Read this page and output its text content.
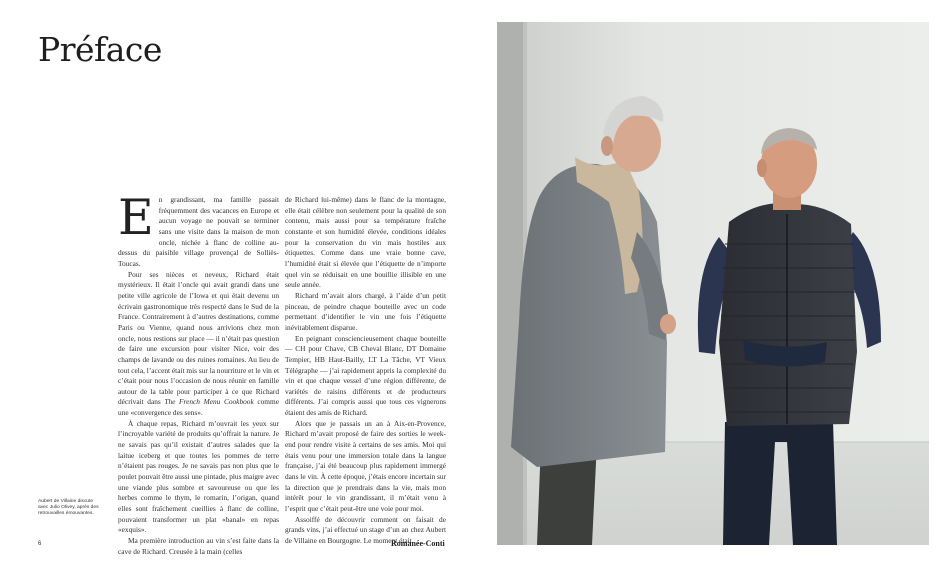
Préface

En grandissant, ma famille passait fréquemment des vacances en Europe et aucun voyage ne pouvait se terminer sans une visite dans la maison de mon oncle, nichée à flanc de colline au-dessus du paisible village provençal de Solliès-Toucas.

Pour ses nièces et neveux, Richard était mystérieux. Il était l’oncle qui avait grandi dans une petite ville agricole de l’Iowa et qui était devenu un écrivain gastronomique très respecté dans le Sud de la France. Contrairement à d’autres destinations, comme Paris ou Vienne, quand nous arrivions chez mon oncle, nous restions sur place — il n’était pas question de faire une excursion pour visiter Nice, voir des champs de lavande ou des ruines romaines. Au lieu de tout cela, l’accent était mis sur la nourriture et le vin et c’était pour nous l’occasion de nous réunir en famille autour de la table pour participer à ce que Richard décrivait dans The French Menu Cookbook comme une «convergence des sens».

À chaque repas, Richard m’ouvrait les yeux sur l’incroyable variété de produits qu’offrait la nature. Je ne savais pas qu’il existait d’autres salades que la laitue iceberg et que toutes les pommes de terre n’étaient pas rouges. Je ne savais pas non plus que le poulet pouvait être aussi une pintade, plus maigre avec une viande plus sombre et savoureuse ou que les herbes comme le thym, le romarin, l’origan, quand elles sont fraîchement cueillies à flanc de colline, pouvaient transformer un plat «banal» en repas «exquis».

Ma première introduction au vin s’est faite dans la cave de Richard. Creusée à la main (celles

de Richard lui-même) dans le flanc de la montagne, elle était célèbre non seulement pour la qualité de son contenu, mais aussi pour sa température fraîche constante et son humidité élevée, conditions idéales pour la conservation du vin mais hostiles aux étiquettes. Comme dans une vraie bonne cave, l’humidité était si élevée que l’étiquette de n’importe quel vin se réduisait en une bouillie illisible en une seule année.

Richard m’avait alors chargé, à l’aide d’un petit pinceau, de peindre chaque bouteille avec un code permettant d’identifier le vin une fois l’étiquette inévitablement disparue.

En peignant consciencieusement chaque bouteille — CH pour Chave, CB Cheval Blanc, DT Domaine Tempier, HB Haut-Bailly, LT La Tâche, VT Vieux Télégraphe — j’ai rapidement appris la complexité du vin et que chaque vessel d’une région différente, de variétés de raisins différents et de producteurs différents. J’ai compris aussi que tous ces vignerons étaient des amis de Richard.

Alors que je passais un an à Aix-en-Provence, Richard m’avait proposé de faire des sorties le week-end pour rendre visite à certains de ses amis. Moi qui étais venu pour une immersion totale dans la langue française, j’ai été beaucoup plus rapidement immergé dans le vin. À cette époque, j’étais encore incertain sur la direction que je prendrais dans la vie, mais mon intérêt pour le vin grandissant, il m’était venu à l’esprit que c’était peut-être une voie pour moi.

Assoiffé de découvrir comment on faisait de grands vins, j’ai effectué un stage d’un an chez Aubert de Villaine en Bourgogne. Le moment était

Aubert de Villaine discute avec Julio Olivey, après des retrouvailles émouvantes.
6	Romanée-Conti
